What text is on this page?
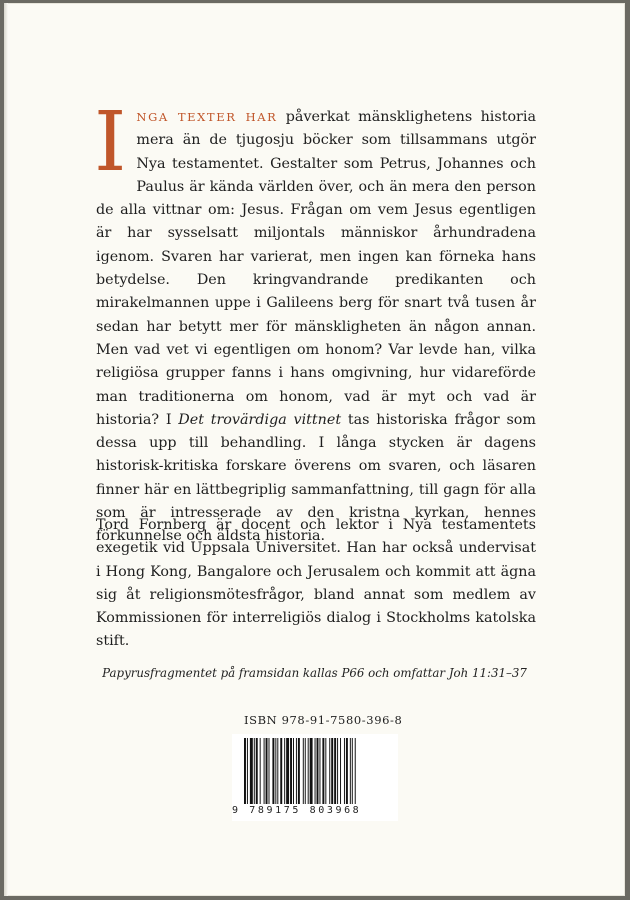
INGA TEXTER HAR påverkat mänsklighetens historia mera än de tjugosju böcker som tillsammans utgör Nya testamentet. Gestalter som Petrus, Johannes och Paulus är kända världen över, och än mera den person de alla vittnar om: Jesus. Frågan om vem Jesus egentligen är har sysselsatt miljontals människor århundradena igenom. Svaren har varierat, men ingen kan förneka hans betydelse. Den kringvandrande predikanten och mirakelmannen uppe i Galileens berg för snart två tusen år sedan har betytt mer för mänskligheten än någon annan. Men vad vet vi egentligen om honom? Var levde han, vilka religiösa grupper fanns i hans omgivning, hur vidareförde man traditionerna om honom, vad är myt och vad är historia? I Det trovärdiga vittnet tas historiska frågor som dessa upp till behandling. I långa stycken är dagens historisk-kritiska forskare överens om svaren, och läsaren finner här en lättbegriplig sammanfattning, till gagn för alla som är intresserade av den kristna kyrkan, hennes förkunnelse och äldsta historia.

Tord Fornberg är docent och lektor i Nya testamentets exegetik vid Uppsala Universitet. Han har också undervisat i Hong Kong, Bangalore och Jerusalem och kommit att ägna sig åt religionsmötesfrågor, bland annat som medlem av Kommissionen för interreligiös dialog i Stockholms katolska stift.

Papyrusfragmentet på framsidan kallas P66 och omfattar Joh 11:31–37

ISBN 978-91-7580-396-8

9 789175 803968
